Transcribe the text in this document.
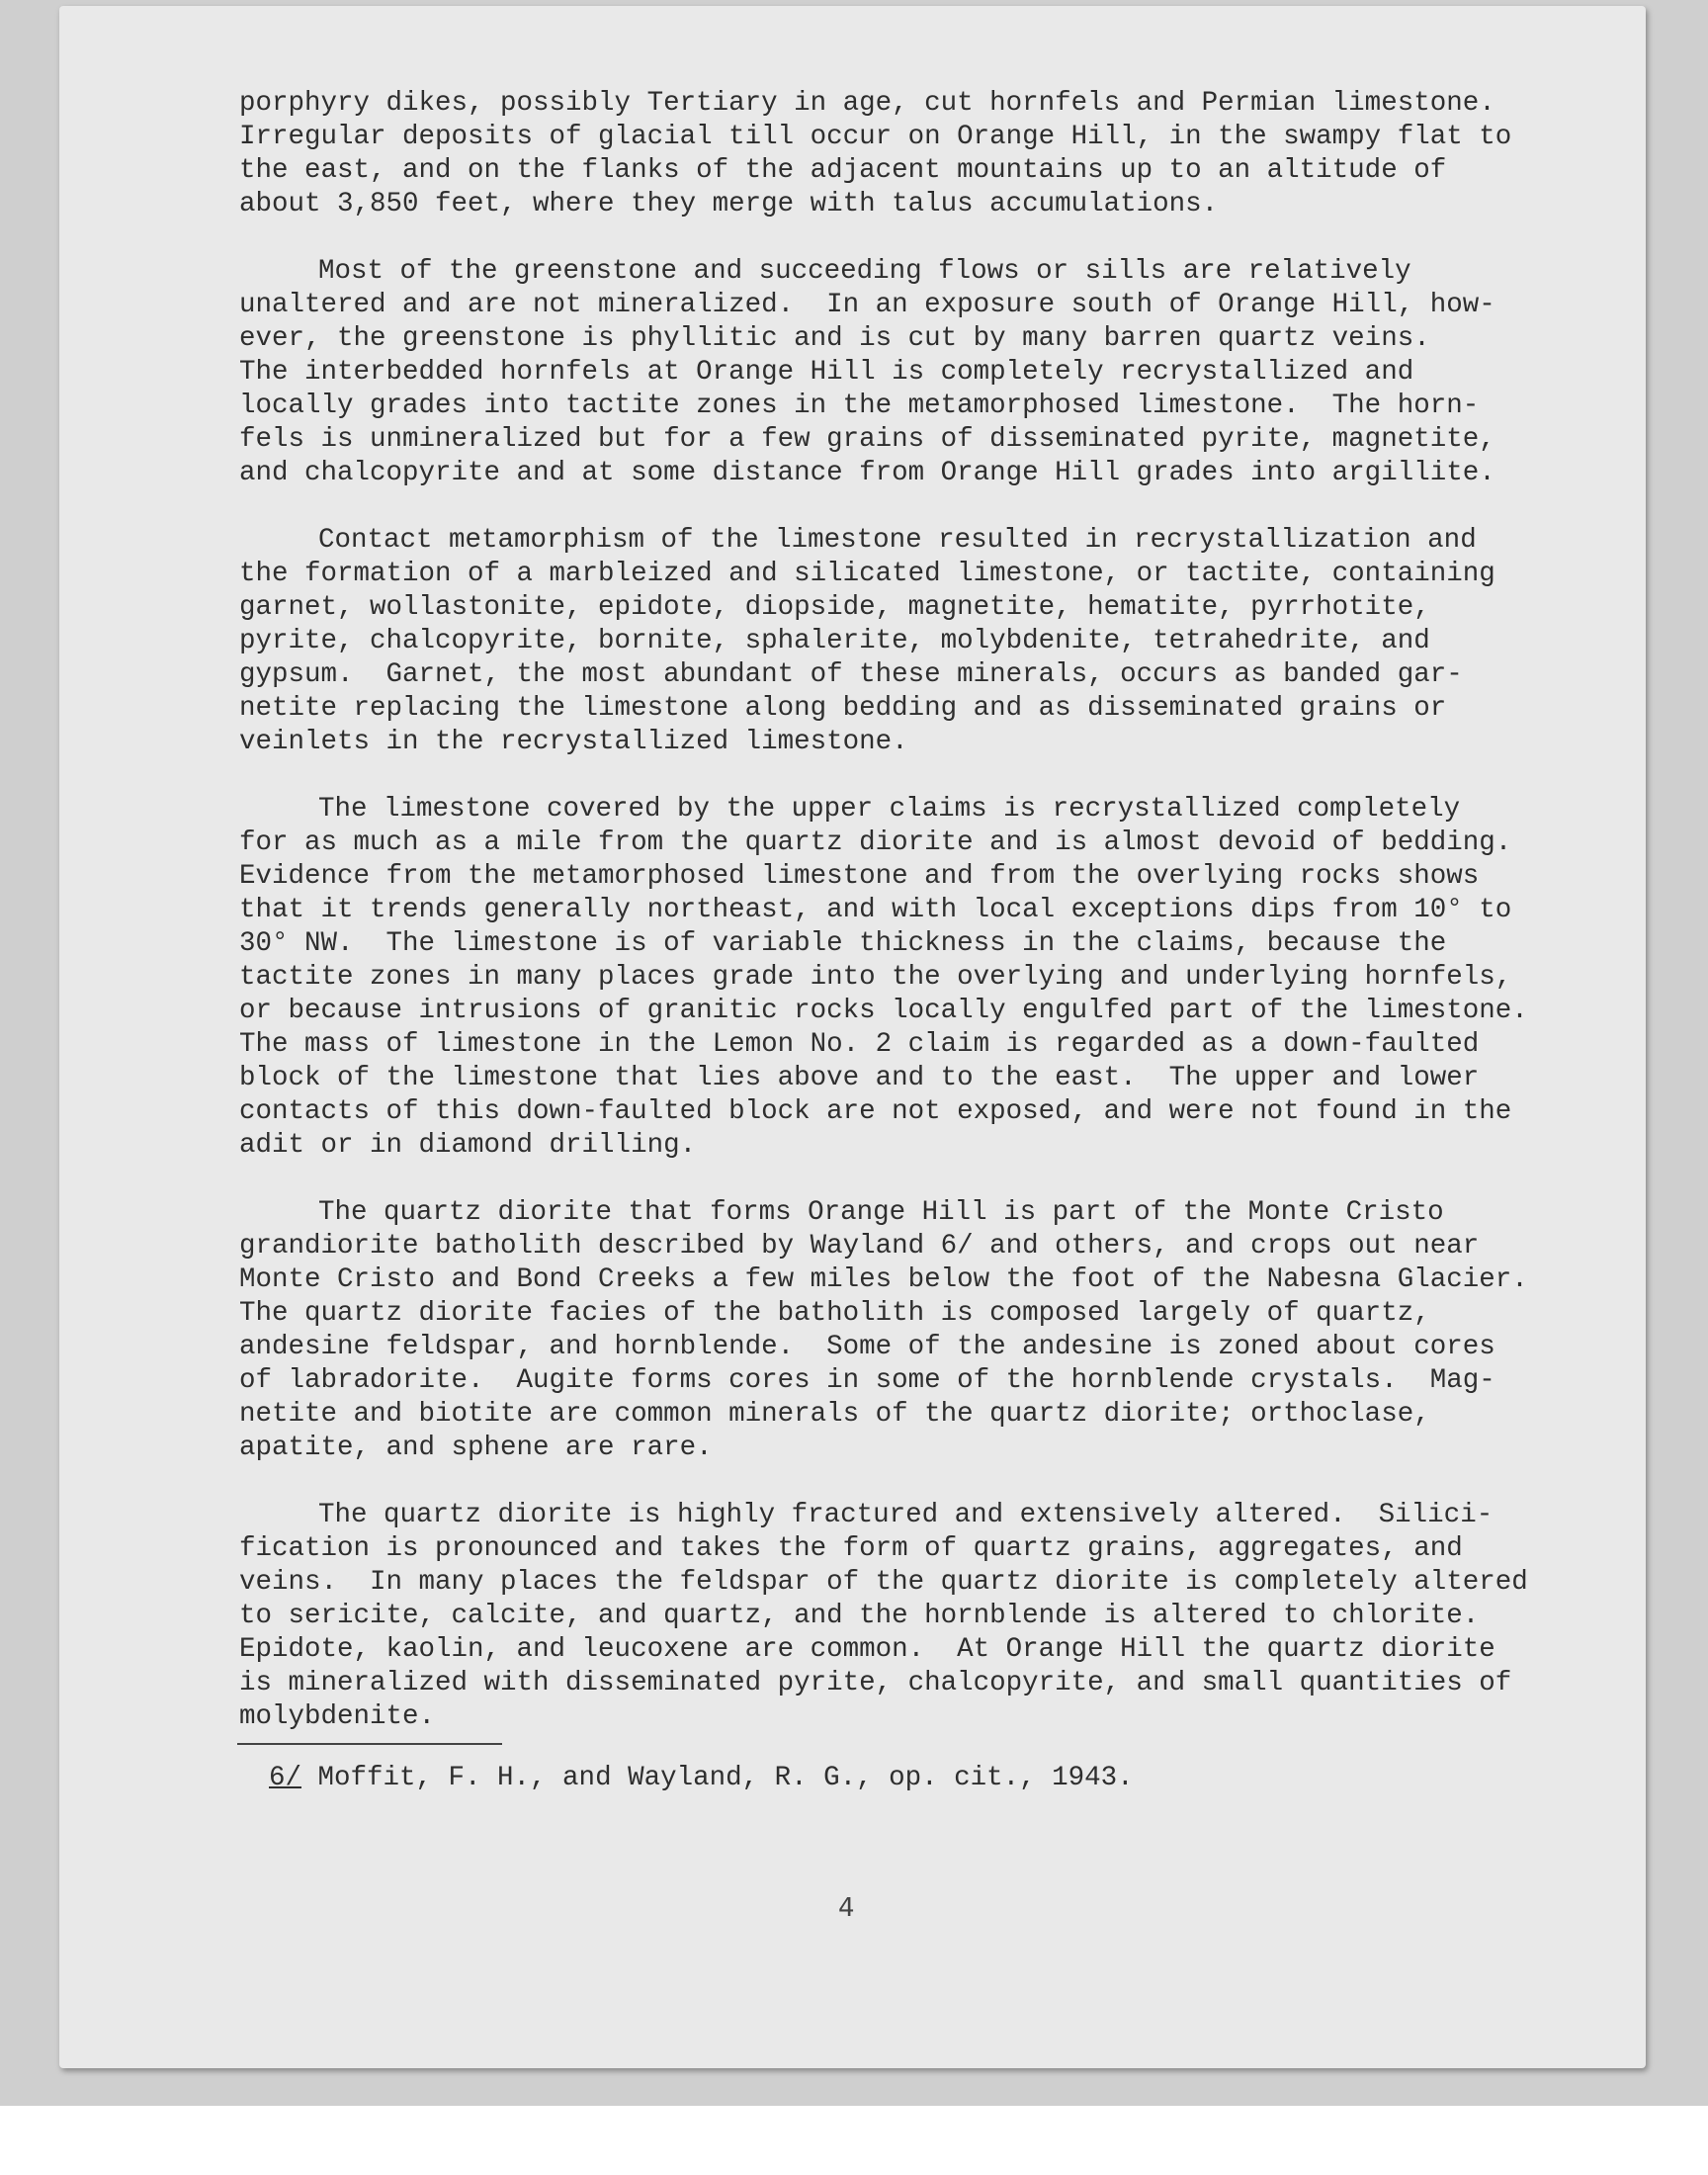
porphyry dikes, possibly Tertiary in age, cut hornfels and Permian limestone.
Irregular deposits of glacial till occur on Orange Hill, in the swampy flat to
the east, and on the flanks of the adjacent mountains up to an altitude of
about 3,850 feet, where they merge with talus accumulations.
Most of the greenstone and succeeding flows or sills are relatively
unaltered and are not mineralized.  In an exposure south of Orange Hill, how-
ever, the greenstone is phyllitic and is cut by many barren quartz veins.
The interbedded hornfels at Orange Hill is completely recrystallized and
locally grades into tactite zones in the metamorphosed limestone.  The horn-
fels is unmineralized but for a few grains of disseminated pyrite, magnetite,
and chalcopyrite and at some distance from Orange Hill grades into argillite.
Contact metamorphism of the limestone resulted in recrystallization and
the formation of a marbleized and silicated limestone, or tactite, containing
garnet, wollastonite, epidote, diopside, magnetite, hematite, pyrrhotite,
pyrite, chalcopyrite, bornite, sphalerite, molybdenite, tetrahedrite, and
gypsum.  Garnet, the most abundant of these minerals, occurs as banded gar-
netite replacing the limestone along bedding and as disseminated grains or
veinlets in the recrystallized limestone.
The limestone covered by the upper claims is recrystallized completely
for as much as a mile from the quartz diorite and is almost devoid of bedding.
Evidence from the metamorphosed limestone and from the overlying rocks shows
that it trends generally northeast, and with local exceptions dips from 10° to
30° NW.  The limestone is of variable thickness in the claims, because the
tactite zones in many places grade into the overlying and underlying hornfels,
or because intrusions of granitic rocks locally engulfed part of the limestone.
The mass of limestone in the Lemon No. 2 claim is regarded as a down-faulted
block of the limestone that lies above and to the east.  The upper and lower
contacts of this down-faulted block are not exposed, and were not found in the
adit or in diamond drilling.
The quartz diorite that forms Orange Hill is part of the Monte Cristo
grandiorite batholith described by Wayland 6/ and others, and crops out near
Monte Cristo and Bond Creeks a few miles below the foot of the Nabesna Glacier.
The quartz diorite facies of the batholith is composed largely of quartz,
andesine feldspar, and hornblende.  Some of the andesine is zoned about cores
of labradorite.  Augite forms cores in some of the hornblende crystals.  Mag-
netite and biotite are common minerals of the quartz diorite; orthoclase,
apatite, and sphene are rare.
The quartz diorite is highly fractured and extensively altered.  Silici-
fication is pronounced and takes the form of quartz grains, aggregates, and
veins.  In many places the feldspar of the quartz diorite is completely altered
to sericite, calcite, and quartz, and the hornblende is altered to chlorite.
Epidote, kaolin, and leucoxene are common.  At Orange Hill the quartz diorite
is mineralized with disseminated pyrite, chalcopyrite, and small quantities of
molybdenite.
6/ Moffit, F. H., and Wayland, R. G., op. cit., 1943.
4
